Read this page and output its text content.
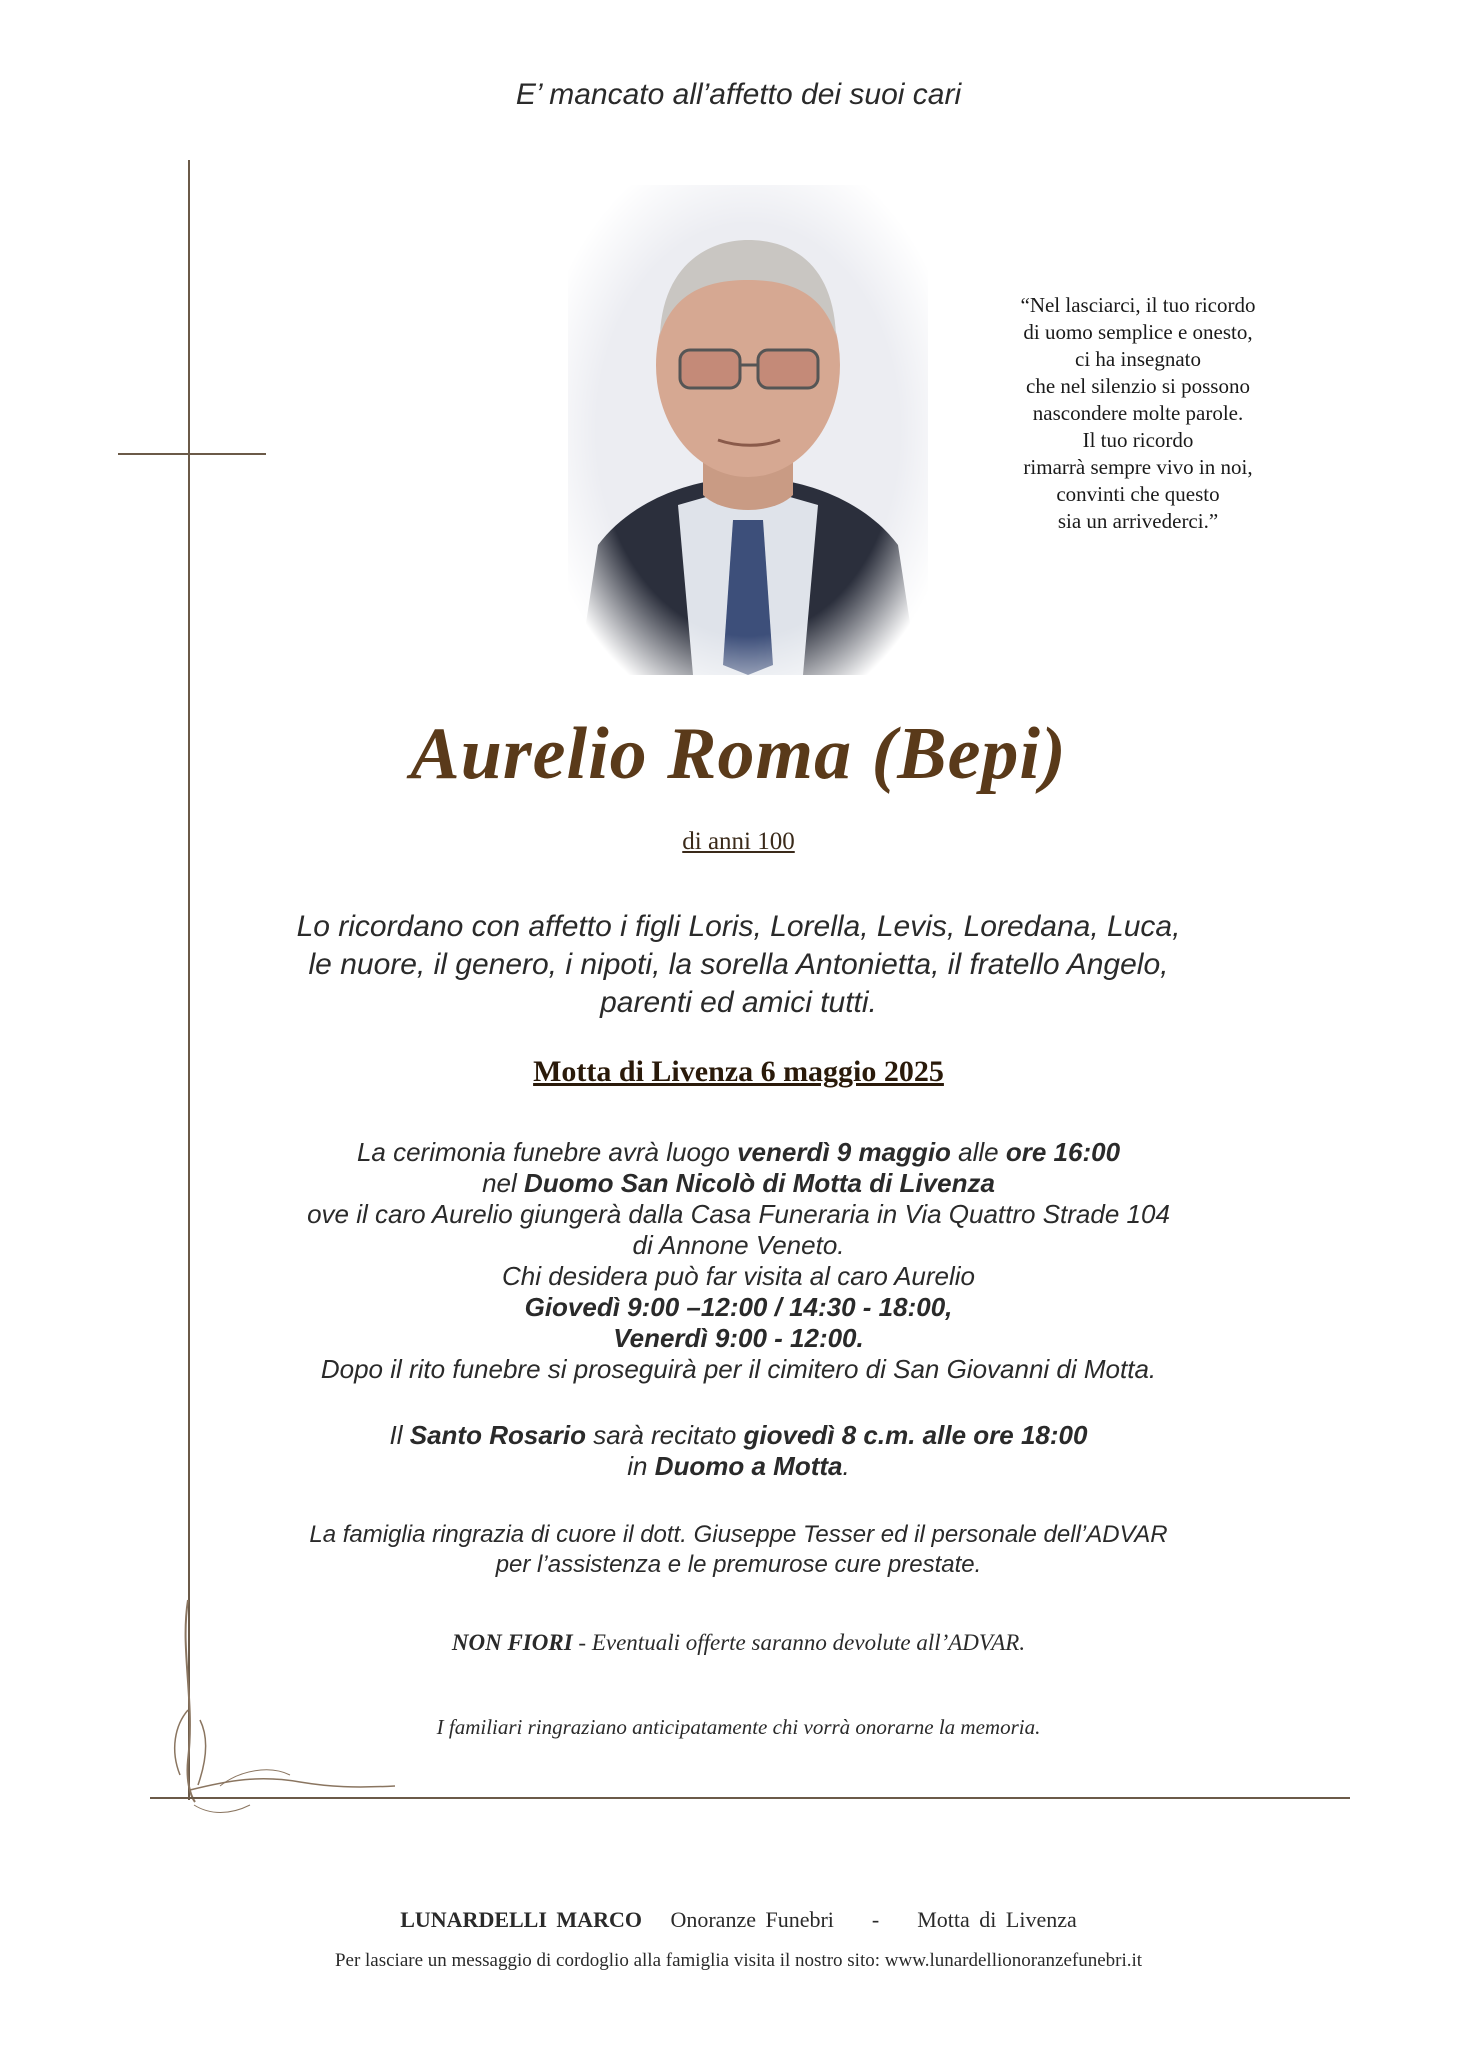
E’ mancato all’affetto dei suoi cari
“Nel lasciarci, il tuo ricordo
di uomo semplice e onesto,
ci ha insegnato
che nel silenzio si possono
nascondere molte parole.
Il tuo ricordo
rimarrà sempre vivo in noi,
convinti che questo
sia un arrivederci.”
Aurelio Roma (Bepi)
di anni 100
Lo ricordano con affetto i figli Loris, Lorella, Levis, Loredana, Luca,
le nuore, il genero, i nipoti, la sorella Antonietta, il fratello Angelo,
parenti ed amici tutti.
Motta di Livenza 6 maggio 2025
La cerimonia funebre avrà luogo venerdì 9 maggio alle ore 16:00
nel Duomo San Nicolò di Motta di Livenza
ove il caro Aurelio giungerà dalla Casa Funeraria in Via Quattro Strade 104
di Annone Veneto.
Chi desidera può far visita al caro Aurelio
Giovedì 9:00 –12:00 / 14:30 - 18:00,
Venerdì 9:00 - 12:00.
Dopo il rito funebre si proseguirà per il cimitero di San Giovanni di Motta.
Il Santo Rosario sarà recitato giovedì 8 c.m. alle ore 18:00
in Duomo a Motta.
La famiglia ringrazia di cuore il dott. Giuseppe Tesser ed il personale dell’ADVAR
per l’assistenza e le premurose cure prestate.
NON FIORI - Eventuali offerte saranno devolute all’ADVAR.
I familiari ringraziano anticipatamente chi vorrà onorarne la memoria.
LUNARDELLI MARCO Onoranze Funebri - Motta di Livenza
Per lasciare un messaggio di cordoglio alla famiglia visita il nostro sito: www.lunardellionoranzefunebri.it
